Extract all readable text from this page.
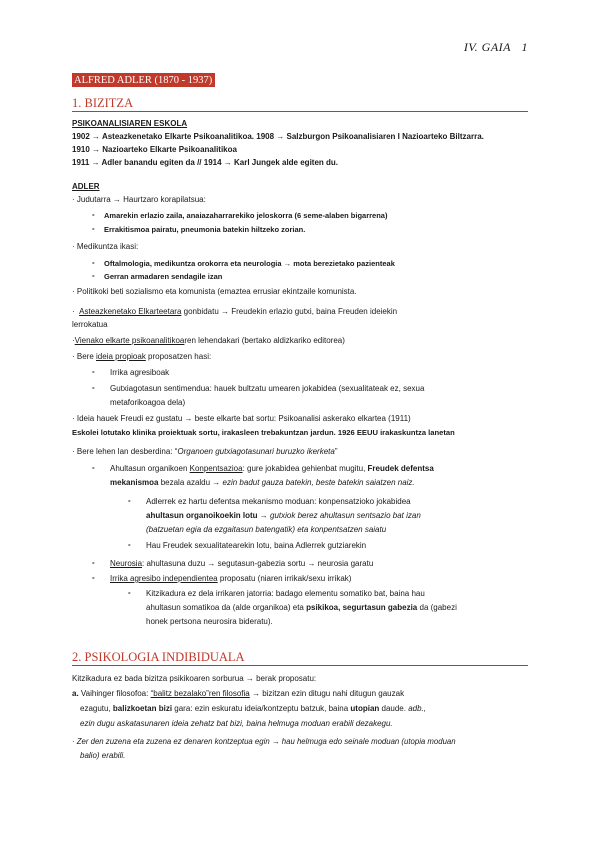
IV. GAIA 1
ALFRED ADLER (1870 - 1937)
1. BIZITZA
PSIKOANALISIAREN ESKOLA
1902 → Asteazkenetako Elkarte Psikoanalitikoa. 1908 → Salzburgon Psikoanalisiaren I Nazioarteko Biltzarra.
1910 → Nazioarteko Elkarte Psikoanalitikoa
1911 → Adler banandu egiten da // 1914 → Karl Jungek alde egiten du.
ADLER
· Judutarra → Haurtzaro korapilatsua:
- Amarekin erlazio zaila, anaiazaharrarekiko jeloskorra (6 seme-alaben bigarrena)
- Errakitismoa pairatu, pneumonia batekin hiltzeko zorian.
· Medikuntza ikasi:
- Oftalmologia, medikuntza orokorra eta neurologia → mota berezietako pazienteak
- Gerran armadaren sendagile izan
· Politikoki beti sozialismo eta komunista (emaztea errusiar ekintzaile komunista.
· Asteazkenetako Elkarteetara gonbidatu → Freudekin erlazio gutxi, baina Freuden ideiekin
lerrokatua
·Vienako elkarte psikoanalitikoaren lehendakari (bertako aldizkariko editorea)
· Bere ideia propioak proposatzen hasi:
- Irrika agresiboak
- Gutxiagotasun sentimendua: hauek bultzatu umearen jokabidea (sexualitateak ez, sexua
metaforikoagoa dela)
· Ideia hauek Freudi ez gustatu → beste elkarte bat sortu: Psikoanalisi askerako elkartea (1911)
Eskolei lotutako klinika proiektuak sortu, irakasleen trebakuntzan jardun. 1926 EEUU irakaskuntza lanetan
· Bere lehen lan desberdina: “Organoen gutxiagotasunari buruzko ikerketa”
- Ahultasun organikoen Konpentsazioa: gure jokabidea gehienbat mugitu, Freudek defentsa
mekanismoa bezala azaldu → ezin badut gauza batekin, beste batekin saiatzen naiz.
- Adlerrek ez hartu defentsa mekanismo moduan: konpensatzioko jokabidea
ahultasun organoikoekin lotu → gutxiok berez ahultasun sentsazio bat izan
(batzuetan egia da ezgaitasun batengatik) eta konpentsatzen saiatu
- Hau Freudek sexualitatearekin lotu, baina Adlerrek gutziarekin
- Neurosia: ahultasuna duzu → segutasun-gabezia sortu → neurosia garatu
- Irrika agresibo independientea proposatu (niaren irrikak/sexu irrikak)
- Kitzikadura ez dela irrikaren jatorria: badago elementu somatiko bat, baina hau
ahultasun somatikoa da (alde organikoa) eta psikikoa, segurtasun gabezia da (gabezi
honek pertsona neurosira bideratu).
2. PSIKOLOGIA INDIBIDUALA
Kitzikadura ez bada bizitza psikikoaren sorburua → berak proposatu:
a. Vaihinger filosofoa: “balitz bezalako”ren filosofia → bizitzan ezin ditugu nahi ditugun gauzak
ezagutu, balizkoetan bizi gara: ezin eskuratu ideia/kontzeptu batzuk, baina utopian daude. adb.,
ezin dugu askatasunaren ideia zehatz bat bizi, baina helmuga moduan erabili dezakegu.
· Zer den zuzena eta zuzena ez denaren kontzeptua egin → hau helmuga edo seinale moduan (utopia moduan
balio) erabili.
